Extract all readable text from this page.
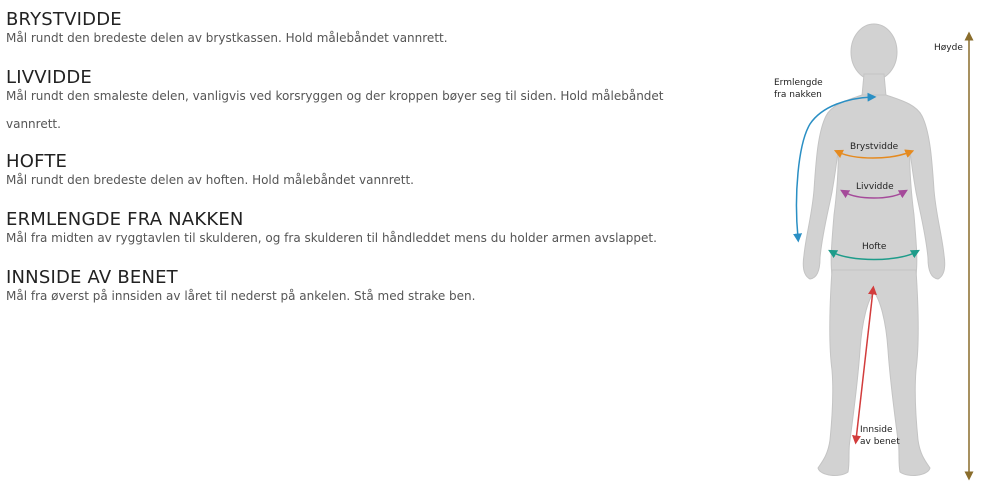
BRYSTVIDDE

Mål rundt den bredeste delen av brystkassen. Hold målebåndet vannrett.

LIVVIDDE

Mål rundt den smaleste delen, vanligvis ved korsryggen og der kroppen bøyer seg til siden. Hold målebåndet vannrett.

HOFTE

Mål rundt den bredeste delen av hoften. Hold målebåndet vannrett.

ERMLENGDE FRA NAKKEN

Mål fra midten av ryggtavlen til skulderen, og fra skulderen til håndleddet mens du holder armen avslappet.

INNSIDE AV BENET

Mål fra øverst på innsiden av låret til nederst på ankelen. Stå med strake ben.

Høyde
Ermlengde
fra nakken
Brystvidde
Livvidde
Hofte
Innside
av benet
